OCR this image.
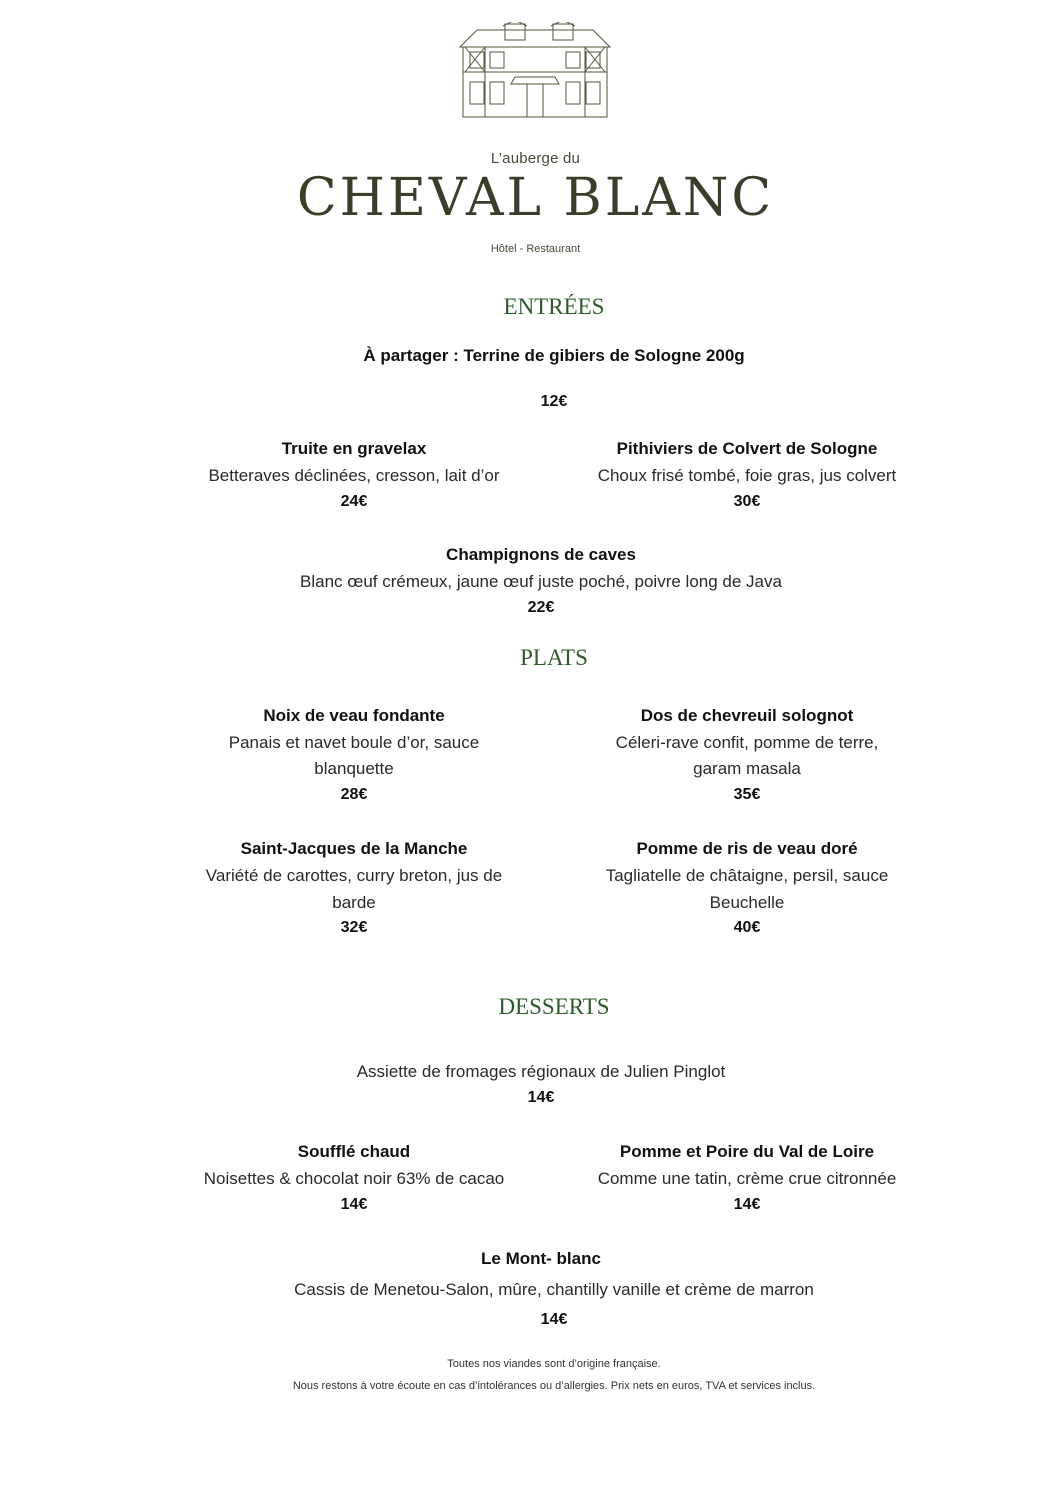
L’auberge du
CHEVAL BLANC
Hôtel - Restaurant
ENTRÉES
À partager : Terrine de gibiers de Sologne 200g
12€
Truite en gravelax
Betteraves déclinées, cresson, lait d’or
24€
Pithiviers de Colvert de Sologne
Choux frisé tombé, foie gras, jus colvert
30€
Champignons de caves
Blanc œuf crémeux, jaune œuf juste poché, poivre long de Java
22€
PLATS
Noix de veau fondante
Panais et navet boule d’or, sauce
blanquette
28€
Dos de chevreuil solognot
Céleri-rave confit, pomme de terre,
garam masala
35€
Saint-Jacques de la Manche
Variété de carottes, curry breton, jus de
barde
32€
Pomme de ris de veau doré
Tagliatelle de châtaigne, persil, sauce
Beuchelle
40€
DESSERTS
Assiette de fromages régionaux de Julien Pinglot
14€
Soufflé chaud
Noisettes & chocolat noir 63% de cacao
14€
Pomme et Poire du Val de Loire
Comme une tatin, crème crue citronnée
14€
Le Mont- blanc
Cassis de Menetou-Salon, mûre, chantilly vanille et crème de marron
14€
Toutes nos viandes sont d’origine française.
Nous restons à votre écoute en cas d’intolérances ou d’allergies. Prix nets en euros, TVA et services inclus.
